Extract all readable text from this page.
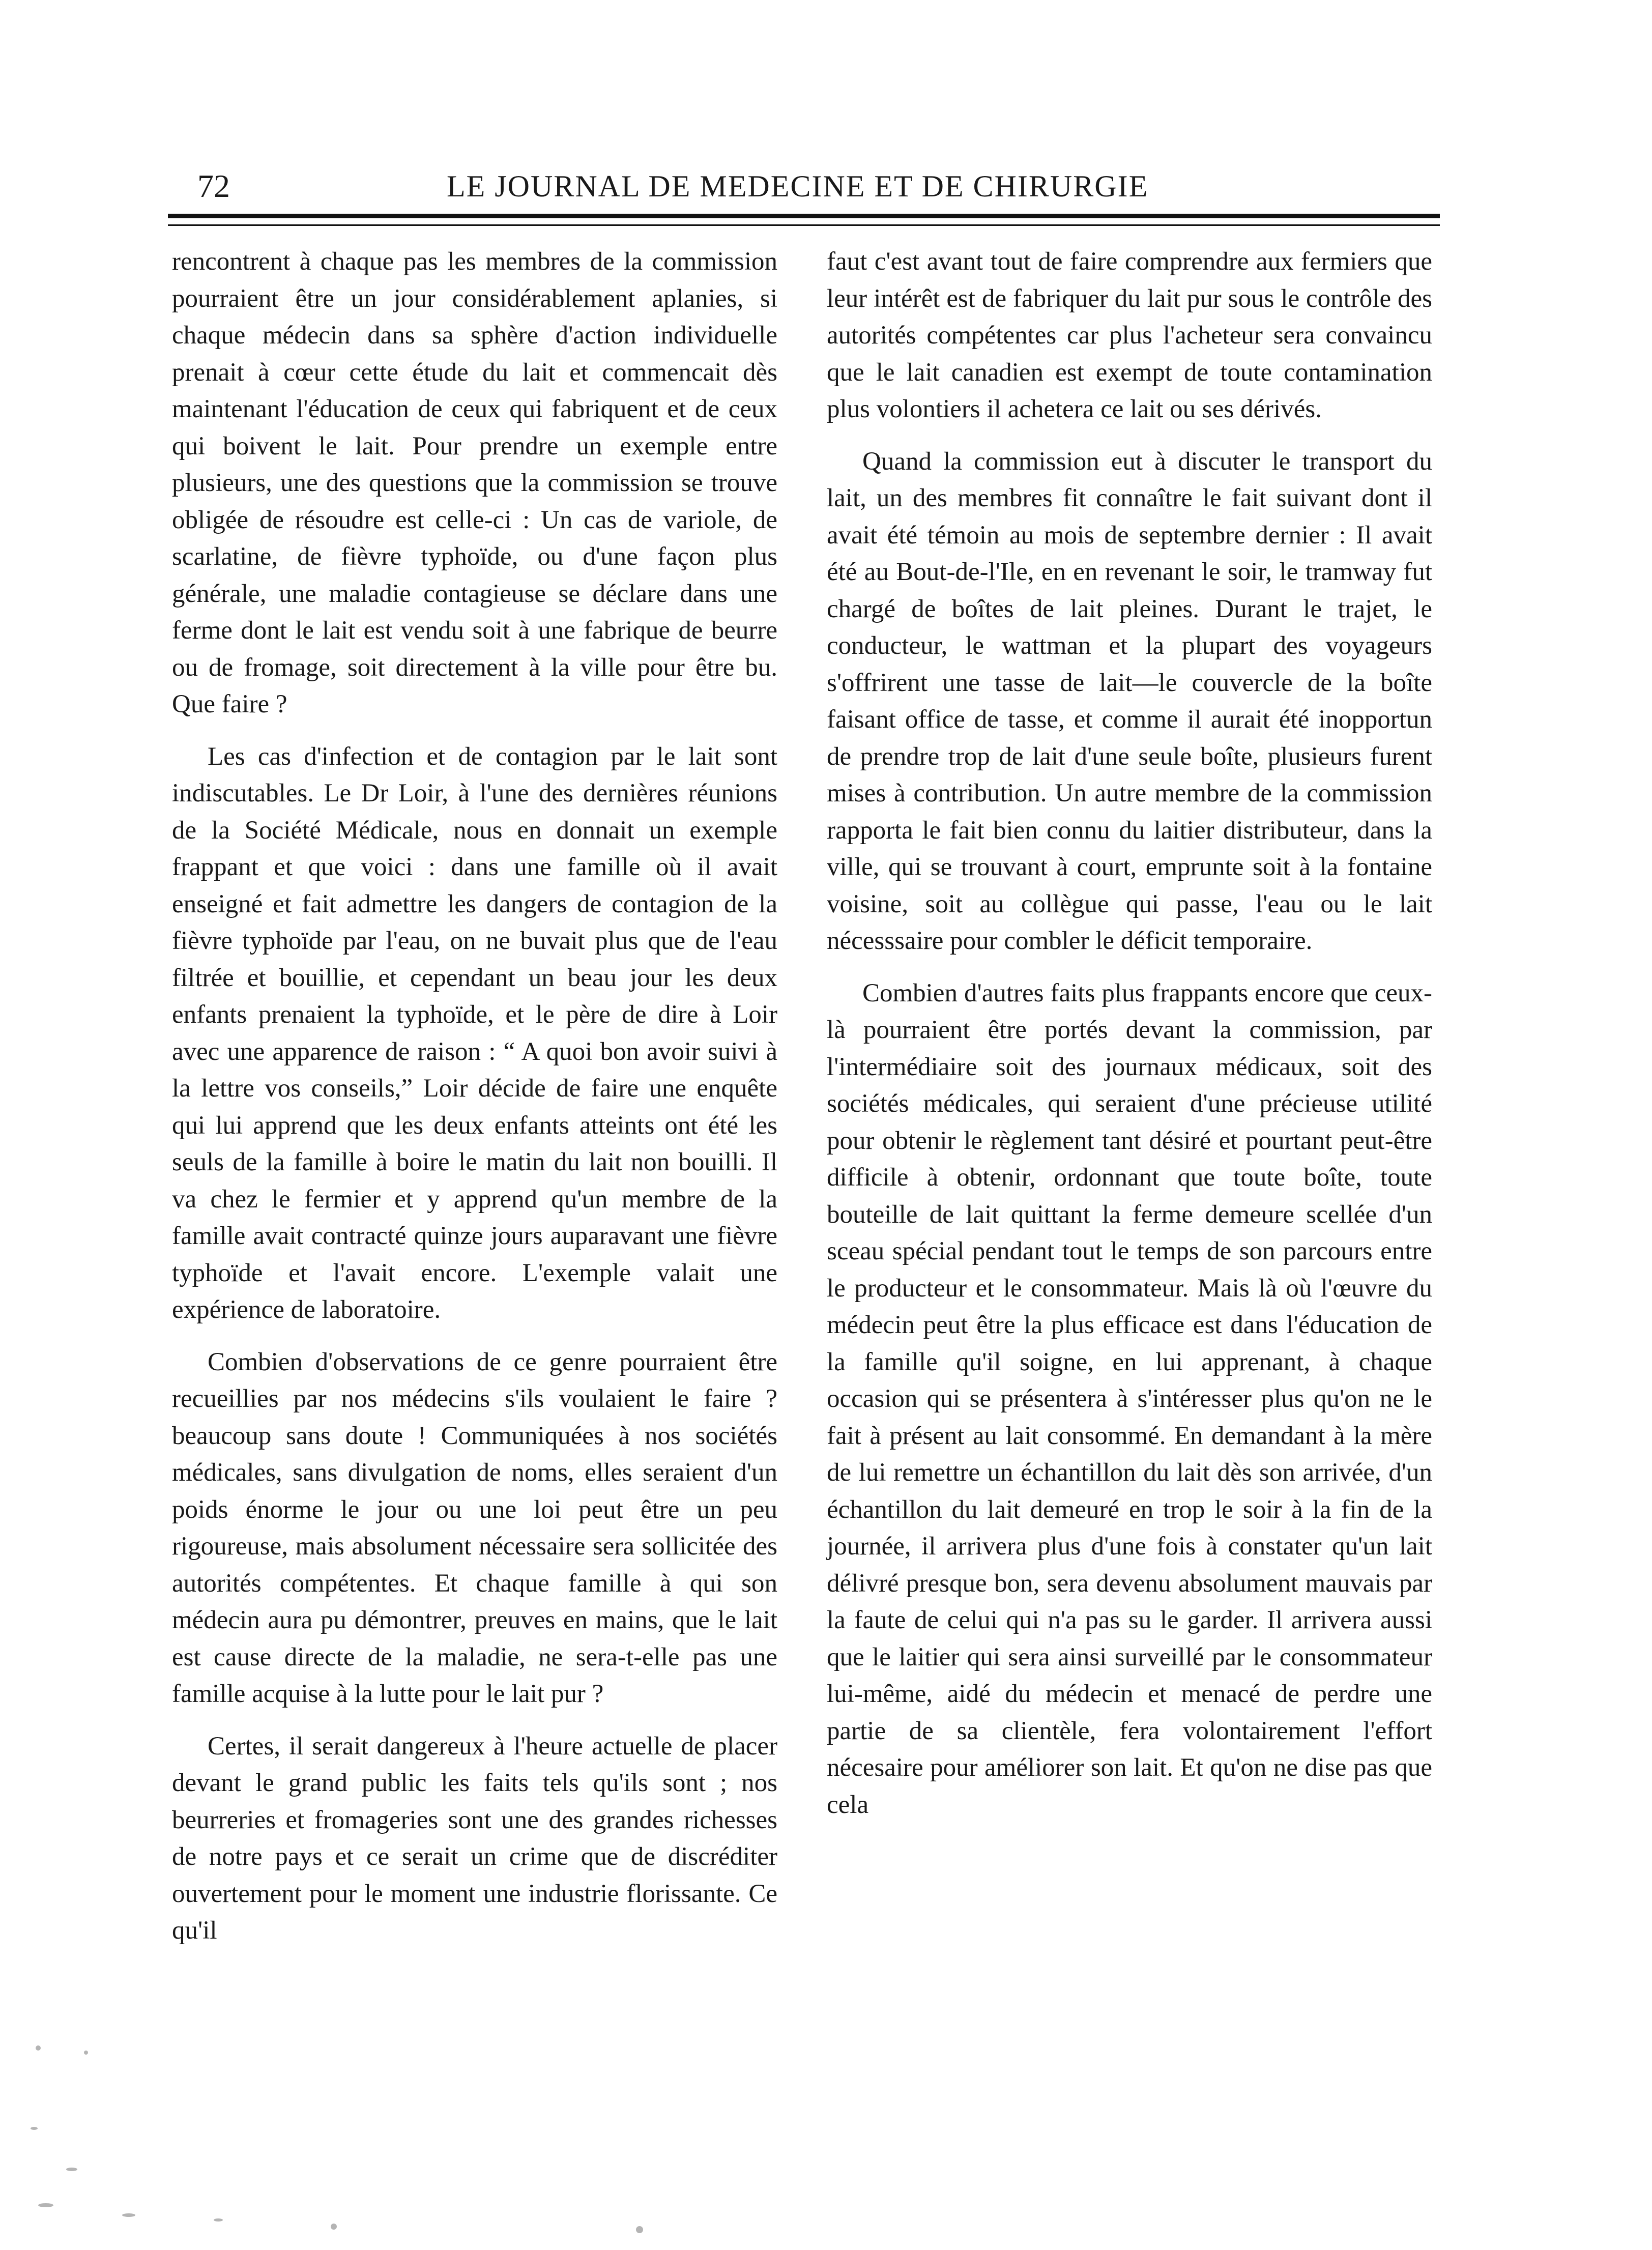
72	LE JOURNAL DE MEDECINE ET DE CHIRURGIE

rencontrent à chaque pas les membres de la commission pourraient être un jour considérablement aplanies, si chaque médecin dans sa sphère d'action individuelle prenait à cœur cette étude du lait et commencait dès maintenant l'éducation de ceux qui fabriquent et de ceux qui boivent le lait. Pour prendre un exemple entre plusieurs, une des questions que la commission se trouve obligée de résoudre est celle-ci : Un cas de variole, de scarlatine, de fièvre typhoïde, ou d'une façon plus générale, une maladie contagieuse se déclare dans une ferme dont le lait est vendu soit à une fabrique de beurre ou de fromage, soit directement à la ville pour être bu. Que faire ?

Les cas d'infection et de contagion par le lait sont indiscutables. Le Dr Loir, à l'une des dernières réunions de la Société Médicale, nous en donnait un exemple frappant et que voici : dans une famille où il avait enseigné et fait admettre les dangers de contagion de la fièvre typhoïde par l'eau, on ne buvait plus que de l'eau filtrée et bouillie, et cependant un beau jour les deux enfants prenaient la typhoïde, et le père de dire à Loir avec une apparence de raison : “ A quoi bon avoir suivi à la lettre vos conseils,” Loir décide de faire une enquête qui lui apprend que les deux enfants atteints ont été les seuls de la famille à boire le matin du lait non bouilli. Il va chez le fermier et y apprend qu'un membre de la famille avait contracté quinze jours auparavant une fièvre typhoïde et l'avait encore. L'exemple valait une expérience de laboratoire.

Combien d'observations de ce genre pourraient être recueillies par nos médecins s'ils voulaient le faire ? beaucoup sans doute ! Communiquées à nos sociétés médicales, sans divulgation de noms, elles seraient d'un poids énorme le jour ou une loi peut être un peu rigoureuse, mais absolument nécessaire sera sollicitée des autorités compétentes. Et chaque famille à qui son médecin aura pu démontrer, preuves en mains, que le lait est cause directe de la maladie, ne sera-t-elle pas une famille acquise à la lutte pour le lait pur ?

Certes, il serait dangereux à l'heure actuelle de placer devant le grand public les faits tels qu'ils sont ; nos beurreries et fromageries sont une des grandes richesses de notre pays et ce serait un crime que de discréditer ouvertement pour le moment une industrie florissante. Ce qu'il

faut c'est avant tout de faire comprendre aux fermiers que leur intérêt est de fabriquer du lait pur sous le contrôle des autorités compétentes car plus l'acheteur sera convaincu que le lait canadien est exempt de toute contamination plus volontiers il achetera ce lait ou ses dérivés.

Quand la commission eut à discuter le transport du lait, un des membres fit connaître le fait suivant dont il avait été témoin au mois de septembre dernier : Il avait été au Bout-de-l'Ile, en en revenant le soir, le tramway fut chargé de boîtes de lait pleines. Durant le trajet, le conducteur, le wattman et la plupart des voyageurs s'offrirent une tasse de lait—le couvercle de la boîte faisant office de tasse, et comme il aurait été inopportun de prendre trop de lait d'une seule boîte, plusieurs furent mises à contribution. Un autre membre de la commission rapporta le fait bien connu du laitier distributeur, dans la ville, qui se trouvant à court, emprunte soit à la fontaine voisine, soit au collègue qui passe, l'eau ou le lait nécesssaire pour combler le déficit temporaire.

Combien d'autres faits plus frappants encore que ceux-là pourraient être portés devant la commission, par l'intermédiaire soit des journaux médicaux, soit des sociétés médicales, qui seraient d'une précieuse utilité pour obtenir le règlement tant désiré et pourtant peut-être difficile à obtenir, ordonnant que toute boîte, toute bouteille de lait quittant la ferme demeure scellée d'un sceau spécial pendant tout le temps de son parcours entre le producteur et le consommateur. Mais là où l'œuvre du médecin peut être la plus efficace est dans l'éducation de la famille qu'il soigne, en lui apprenant, à chaque occasion qui se présentera à s'intéresser plus qu'on ne le fait à présent au lait consommé. En demandant à la mère de lui remettre un échantillon du lait dès son arrivée, d'un échantillon du lait demeuré en trop le soir à la fin de la journée, il arrivera plus d'une fois à constater qu'un lait délivré presque bon, sera devenu absolument mauvais par la faute de celui qui n'a pas su le garder. Il arrivera aussi que le laitier qui sera ainsi surveillé par le consommateur lui-même, aidé du médecin et menacé de perdre une partie de sa clientèle, fera volontairement l'effort nécesaire pour améliorer son lait. Et qu'on ne dise pas que cela
